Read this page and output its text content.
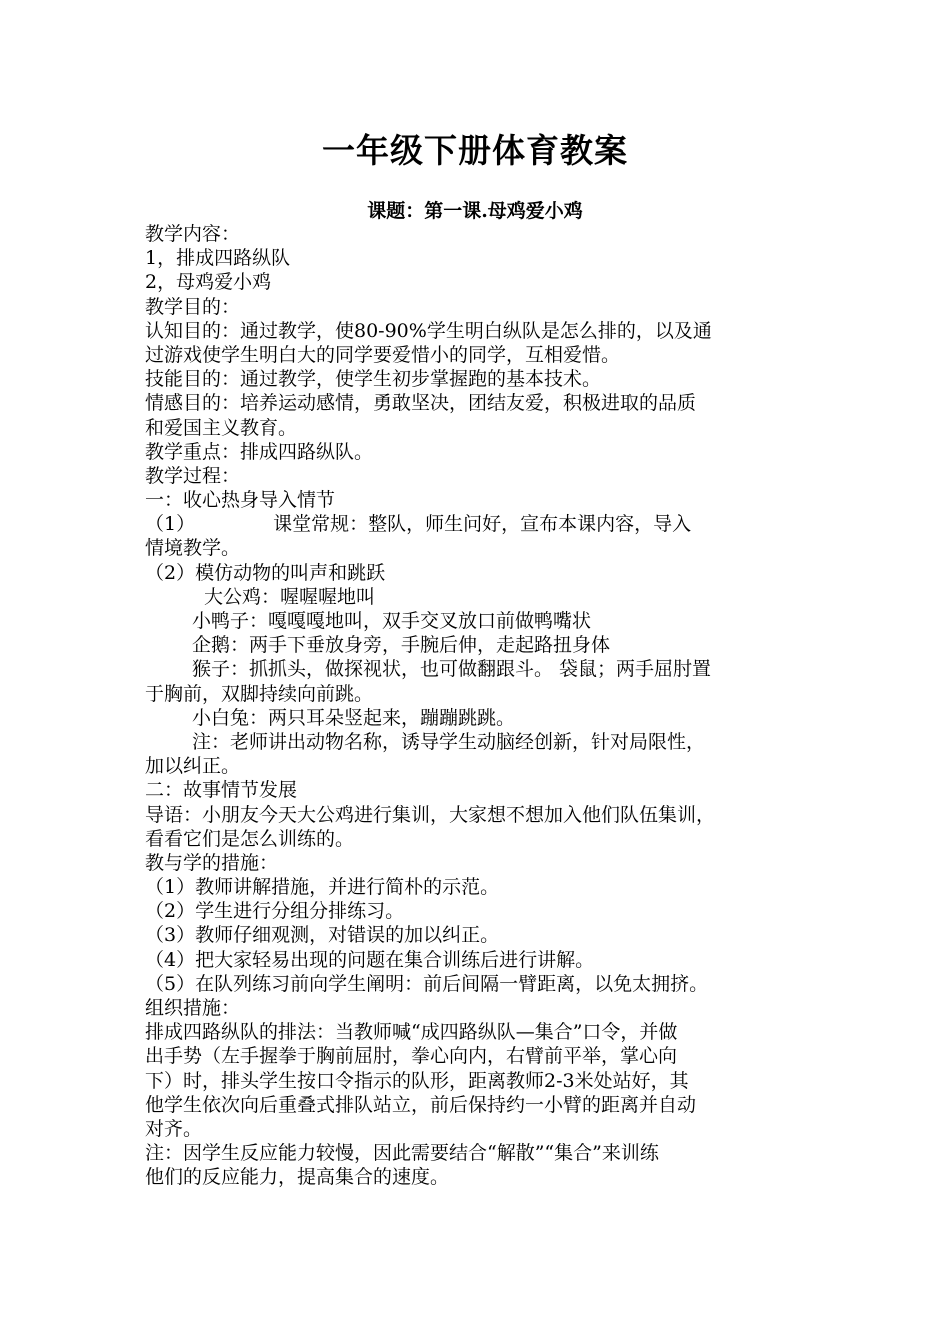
一年级下册体育教案
课题：第一课.母鸡爱小鸡
教学内容：
1，排成四路纵队
2，母鸡爱小鸡
教学目的：
认知目的：通过教学，使80-90%学生明白纵队是怎么排的，以及通
过游戏使学生明白大的同学要爱惜小的同学，互相爱惜。
技能目的：通过教学，使学生初步掌握跑的基本技术。
情感目的：培养运动感情，勇敢坚决，团结友爱，积极进取的品质
和爱国主义教育。
教学重点：排成四路纵队。
教学过程：
一：收心热身导入情节
（1）	课堂常规：整队，师生问好，宣布本课内容，导入
情境教学。
（2）模仿动物的叫声和跳跃
大公鸡：喔喔喔地叫
小鸭子：嘎嘎嘎地叫，双手交叉放口前做鸭嘴状
企鹅：两手下垂放身旁，手腕后伸，走起路扭身体
猴子：抓抓头，做探视状，也可做翻跟斗。 袋鼠；两手屈肘置
于胸前，双脚持续向前跳。
小白兔：两只耳朵竖起来，蹦蹦跳跳。
注：老师讲出动物名称，诱导学生动脑经创新，针对局限性，
加以纠正。
二：故事情节发展
导语：小朋友今天大公鸡进行集训，大家想不想加入他们队伍集训，
看看它们是怎么训练的。
教与学的措施：
（1）教师讲解措施，并进行简朴的示范。
（2）学生进行分组分排练习。
（3）教师仔细观测，对错误的加以纠正。
（4）把大家轻易出现的问题在集合训练后进行讲解。
（5）在队列练习前向学生阐明：前后间隔一臂距离，以免太拥挤。
组织措施：
排成四路纵队的排法：当教师喊“成四路纵队—集合”口令，并做
出手势（左手握拳于胸前屈肘，拳心向内，右臂前平举，掌心向
下）时，排头学生按口令指示的队形，距离教师2-3米处站好，其
他学生依次向后重叠式排队站立，前后保持约一小臂的距离并自动
对齐。
注：因学生反应能力较慢，因此需要结合“解散”“集合”来训练
他们的反应能力，提高集合的速度。
